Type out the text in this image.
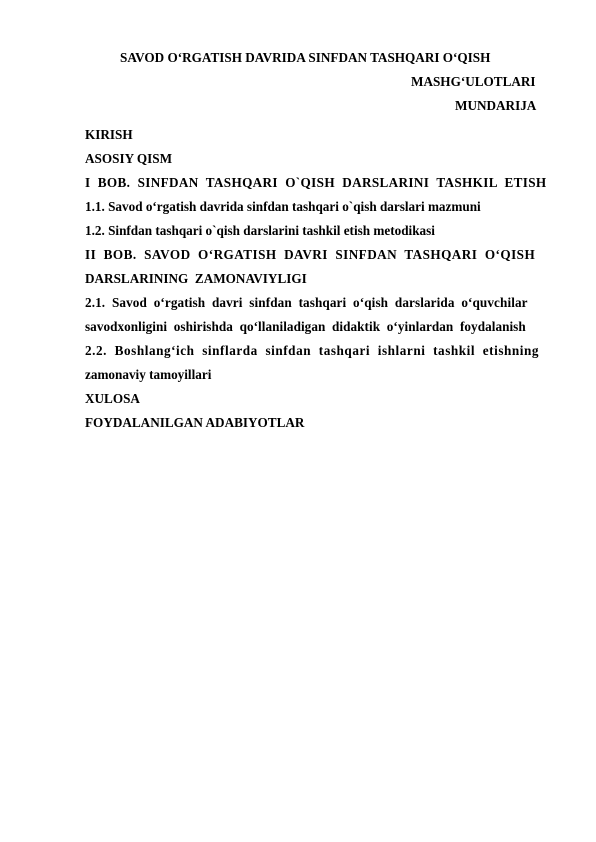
SAVOD O‘RGATISH DAVRIDA SINFDAN TASHQARI O‘QISH
MASHG‘ULOTLARI
MUNDARIJA
KIRISH
ASOSIY QISM
I  BOB.  SINFDAN  TASHQARI  O`QISH  DARSLARINI  TASHKIL  ETISH
1.1. Savod o‘rgatish davrida sinfdan tashqari o`qish darslari mazmuni
1.2. Sinfdan tashqari o`qish darslarini tashkil etish metodikasi
II  BOB.  SAVOD  O‘RGATISH  DAVRI  SINFDAN  TASHQARI  O‘QISH
DARSLARINING  ZAMONAVIYLIGI
2.1.  Savod  o‘rgatish  davri  sinfdan  tashqari  o‘qish  darslarida  o‘quvchilar
savodxonligini  oshirishda  qo‘llaniladigan  didaktik  o‘yinlardan  foydalanish
2.2.  Boshlang‘ich  sinflarda  sinfdan  tashqari  ishlarni  tashkil  etishning
zamonaviy tamoyillari
XULOSA
FOYDALANILGAN ADABIYOTLAR
